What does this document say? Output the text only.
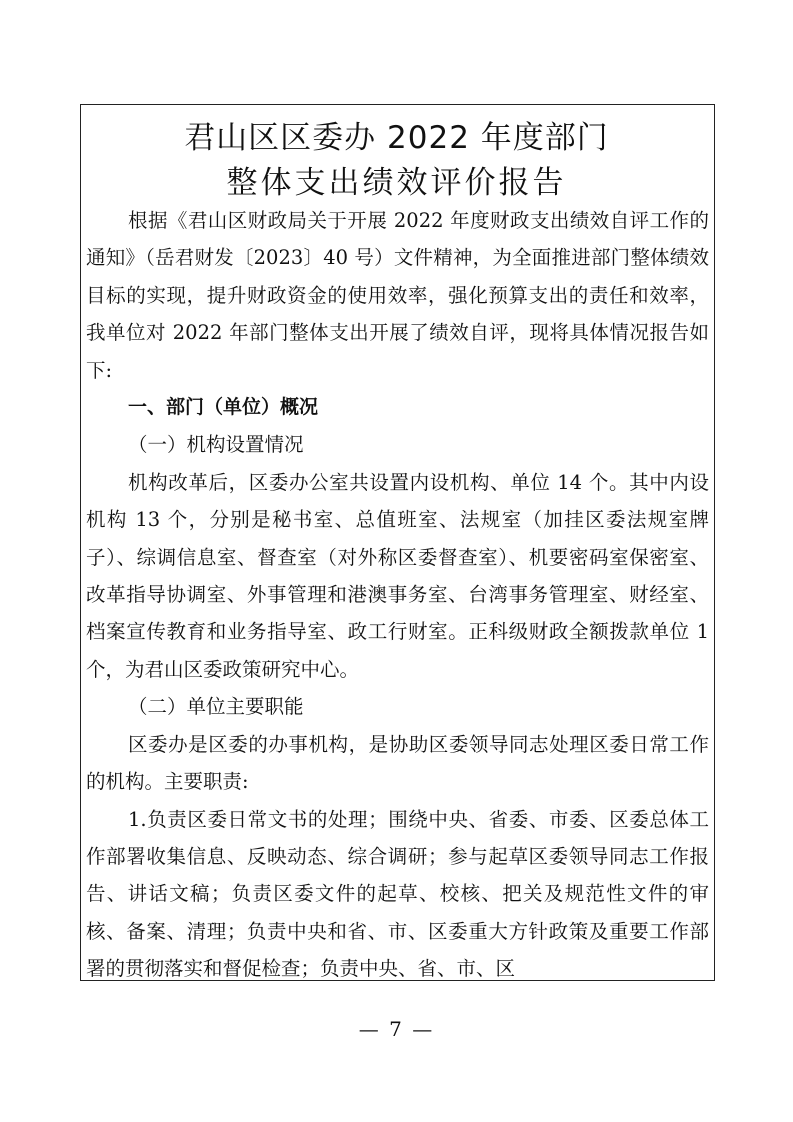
君山区区委办 2022 年度部门
整体支出绩效评价报告

根据《君山区财政局关于开展 2022 年度财政支出绩效自评工作的通知》（岳君财发〔2023〕40 号）文件精神，为全面推进部门整体绩效目标的实现，提升财政资金的使用效率，强化预算支出的责任和效率，我单位对 2022 年部门整体支出开展了绩效自评，现将具体情况报告如下:

一、部门（单位）概况

（一）机构设置情况

机构改革后，区委办公室共设置内设机构、单位 14 个。其中内设机构 13 个，分别是秘书室、总值班室、法规室（加挂区委法规室牌子）、综调信息室、督查室（对外称区委督查室）、机要密码室保密室、改革指导协调室、外事管理和港澳事务室、台湾事务管理室、财经室、档案宣传教育和业务指导室、政工行财室。正科级财政全额拨款单位 1 个，为君山区委政策研究中心。

（二）单位主要职能

区委办是区委的办事机构，是协助区委领导同志处理区委日常工作的机构。主要职责:

1.负责区委日常文书的处理；围绕中央、省委、市委、区委总体工作部署收集信息、反映动态、综合调研；参与起草区委领导同志工作报告、讲话文稿；负责区委文件的起草、校核、把关及规范性文件的审核、备案、清理；负责中央和省、市、区委重大方针政策及重要工作部署的贯彻落实和督促检查；负责中央、省、市、区

— 7 —
